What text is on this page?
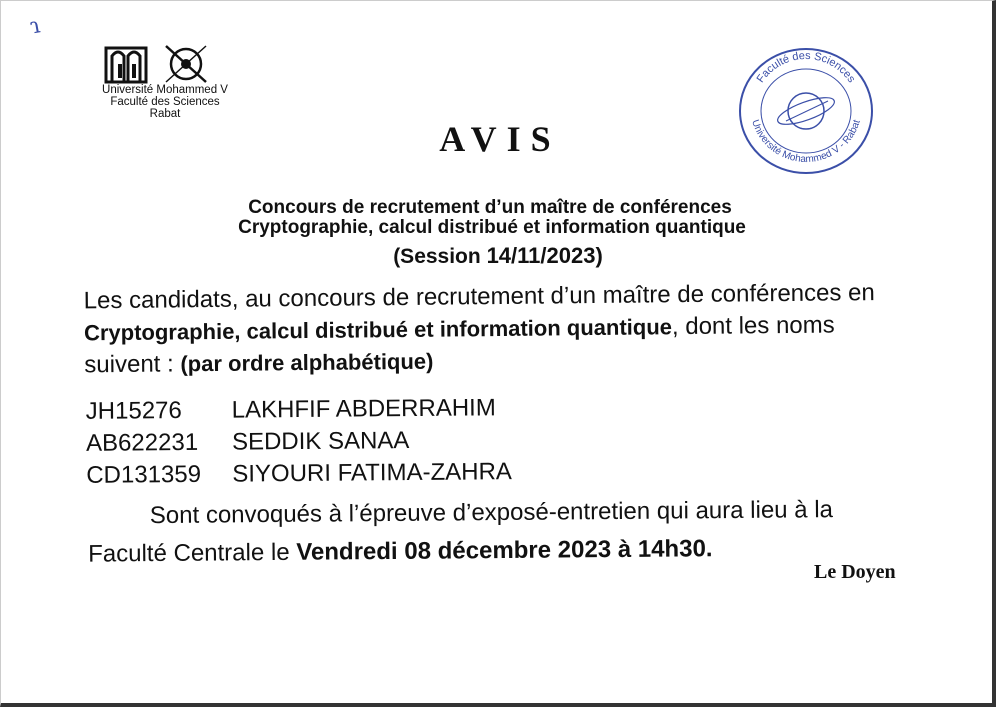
ɿ
Université Mohammed V
Faculté des Sciences
Rabat
Faculté des Sciences
Université Mohammed V - Rabat
AVIS
Concours de recrutement d’un maître de conférences
Cryptographie, calcul distribué et information quantique
(Session 14/11/2023)
Les candidats, au concours de recrutement d’un maître de conférences en Cryptographie, calcul distribué et information quantique, dont les noms suivent : (par ordre alphabétique)
JH15276	LAKHFIF ABDERRAHIM
AB622231	SEDDIK SANAA
CD131359	SIYOURI FATIMA-ZAHRA
Sont convoqués à l’épreuve d’exposé-entretien qui aura lieu à la
Faculté Centrale le Vendredi 08 décembre 2023 à 14h30.
Le Doyen
